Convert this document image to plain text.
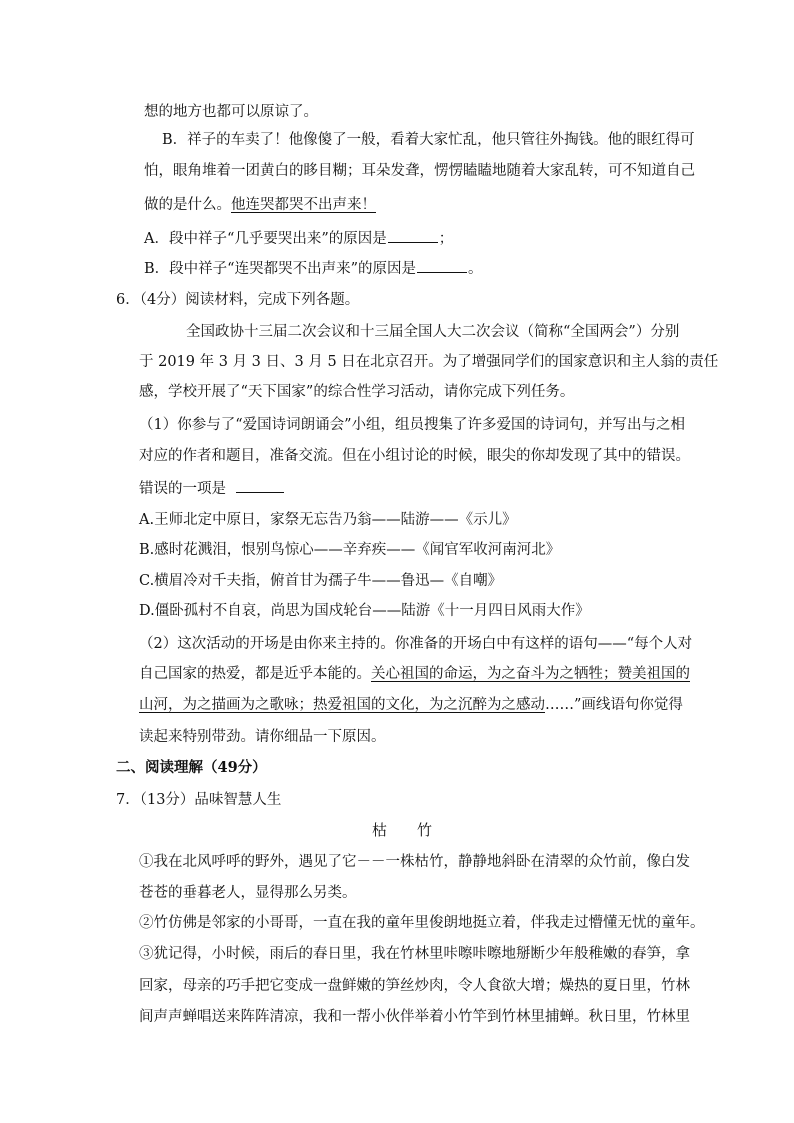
想的地方也都可以原谅了。
B．祥子的车卖了！他像傻了一般，看着大家忙乱，他只管往外掏钱。他的眼红得可
怕，眼角堆着一团黄白的眵目糊；耳朵发聋，愣愣瞌瞌地随着大家乱转，可不知道自己
做的是什么。他连哭都哭不出声来！
A．段中祥子“几乎要哭出来”的原因是	；
B．段中祥子“连哭都哭不出声来”的原因是	。
6．（4分）阅读材料，完成下列各题。
全国政协十三届二次会议和十三届全国人大二次会议（简称“全国两会”）分别
于 2019 年 3 月 3 日、3 月 5 日在北京召开。为了增强同学们的国家意识和主人翁的责任
感，学校开展了“天下国家”的综合性学习活动，请你完成下列任务。
（1）你参与了“爱国诗词朗诵会”小组，组员搜集了许多爱国的诗词句，并写出与之相
对应的作者和题目，准备交流。但在小组讨论的时候，眼尖的你却发现了其中的错误。
错误的一项是
A.王师北定中原日，家祭无忘告乃翁——陆游——《示儿》
B.感时花溅泪，恨别鸟惊心——辛弃疾——《闻官军收河南河北》
C.横眉冷对千夫指，俯首甘为孺子牛——鲁迅—《自嘲》
D.僵卧孤村不自哀，尚思为国戍轮台——陆游《十一月四日风雨大作》
（2）这次活动的开场是由你来主持的。你准备的开场白中有这样的语句——“每个人对
自己国家的热爱，都是近乎本能的。关心祖国的命运，为之奋斗为之牺牲；赞美祖国的
山河，为之描画为之歌咏；热爱祖国的文化，为之沉醉为之感动……”画线语句你觉得
读起来特别带劲。请你细品一下原因。
二、阅读理解（49分）
7．（13分）品味智慧人生
枯　　竹
①我在北风呼呼的野外，遇见了它－－一株枯竹，静静地斜卧在清翠的众竹前，像白发
苍苍的垂暮老人，显得那么另类。
②竹仿佛是邻家的小哥哥，一直在我的童年里俊朗地挺立着，伴我走过懵懂无忧的童年。
③犹记得，小时候，雨后的春日里，我在竹林里咔嚓咔嚓地掰断少年般稚嫩的春笋，拿
回家，母亲的巧手把它变成一盘鲜嫩的笋丝炒肉，令人食欲大增；燥热的夏日里，竹林
间声声蝉唱送来阵阵清凉，我和一帮小伙伴举着小竹竿到竹林里捕蝉。秋日里，竹林里
